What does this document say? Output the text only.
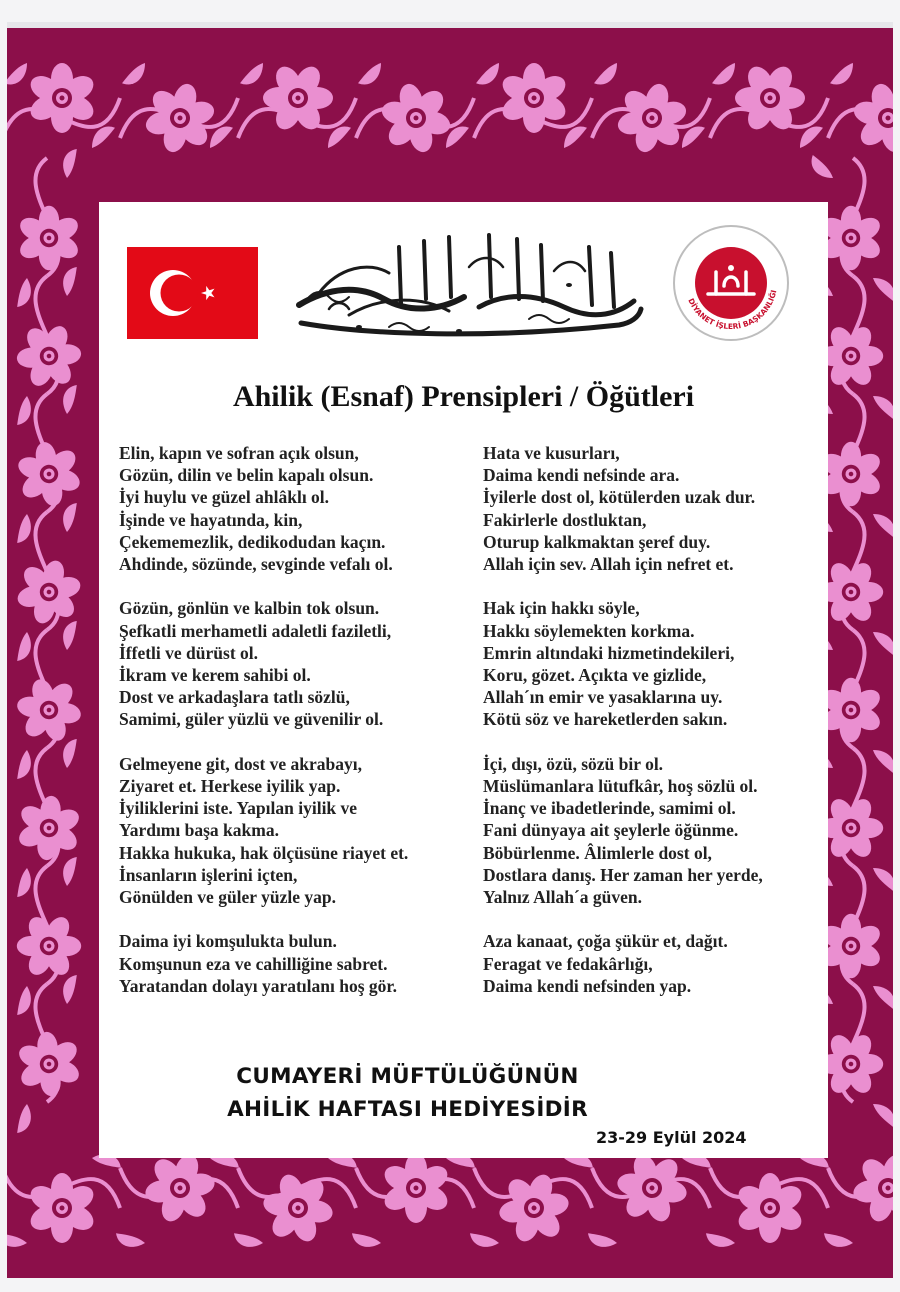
DİYANET İŞLERİ BAŞKANLIĞI
Ahilik (Esnaf) Prensipleri / Öğütleri
Elin, kapın ve sofran açık olsun,
Gözün, dilin ve belin kapalı olsun.
İyi huylu ve güzel ahlâklı ol.
İşinde ve hayatında, kin,
Çekememezlik, dedikodudan kaçın.
Ahdinde, sözünde, sevginde vefalı ol.
Gözün, gönlün ve kalbin tok olsun.
Şefkatli merhametli adaletli faziletli,
İffetli ve dürüst ol.
İkram ve kerem sahibi ol.
Dost ve arkadaşlara tatlı sözlü,
Samimi, güler yüzlü ve güvenilir ol.
Gelmeyene git, dost ve akrabayı,
Ziyaret et. Herkese iyilik yap.
İyiliklerini iste. Yapılan iyilik ve
Yardımı başa kakma.
Hakka hukuka, hak ölçüsüne riayet et.
İnsanların işlerini içten,
Gönülden ve güler yüzle yap.
Daima iyi komşulukta bulun.
Komşunun eza ve cahilliğine sabret.
Yaratandan dolayı yaratılanı hoş gör.
Hata ve kusurları,
Daima kendi nefsinde ara.
İyilerle dost ol, kötülerden uzak dur.
Fakirlerle dostluktan,
Oturup kalkmaktan şeref duy.
Allah için sev. Allah için nefret et.
Hak için hakkı söyle,
Hakkı söylemekten korkma.
Emrin altındaki hizmetindekileri,
Koru, gözet. Açıkta ve gizlide,
Allah´ın emir ve yasaklarına uy.
Kötü söz ve hareketlerden sakın.
İçi, dışı, özü, sözü bir ol.
Müslümanlara lütufkâr, hoş sözlü ol.
İnanç ve ibadetlerinde, samimi ol.
Fani dünyaya ait şeylerle öğünme.
Böbürlenme. Âlimlerle dost ol,
Dostlara danış. Her zaman her yerde,
Yalnız Allah´a güven.
Aza kanaat, çoğa şükür et, dağıt.
Feragat ve fedakârlığı,
Daima kendi nefsinden yap.

CUMAYERİ MÜFTÜLÜĞÜNÜN

AHİLİK HAFTASI HEDİYESİDİR

23-29 Eylül 2024
